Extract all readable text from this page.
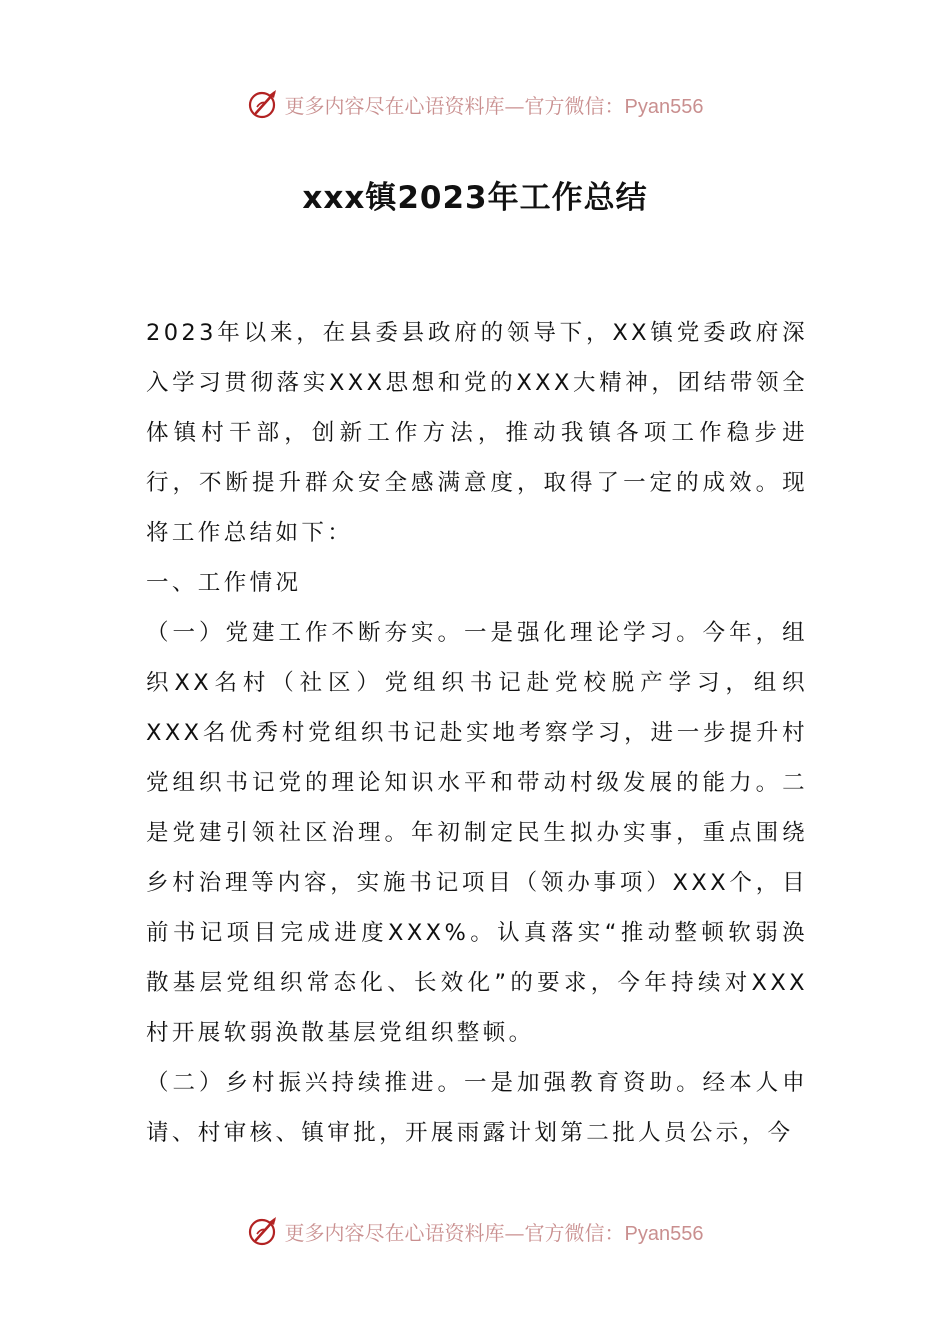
更多内容尽在心语资料库—官方微信：Pyan556
xxx镇2023年工作总结

2023年以来，在县委县政府的领导下，XX镇党委政府深入学习贯彻落实XXX思想和党的XXX大精神，团结带领全体镇村干部，创新工作方法，推动我镇各项工作稳步进行，不断提升群众安全感满意度，取得了一定的成效。现将工作总结如下：

一、工作情况

（一）党建工作不断夯实。一是强化理论学习。今年，组织XX名村（社区）党组织书记赴党校脱产学习，组织XXX名优秀村党组织书记赴实地考察学习，进一步提升村党组织书记党的理论知识水平和带动村级发展的能力。二是党建引领社区治理。年初制定民生拟办实事，重点围绕乡村治理等内容，实施书记项目（领办事项）XXX个，目前书记项目完成进度XXX%。认真落实“推动整顿软弱涣散基层党组织常态化、长效化”的要求，今年持续对XXX村开展软弱涣散基层党组织整顿。

（二）乡村振兴持续推进。一是加强教育资助。经本人申请、村审核、镇审批，开展雨露计划第二批人员公示，今

更多内容尽在心语资料库—官方微信：Pyan556
